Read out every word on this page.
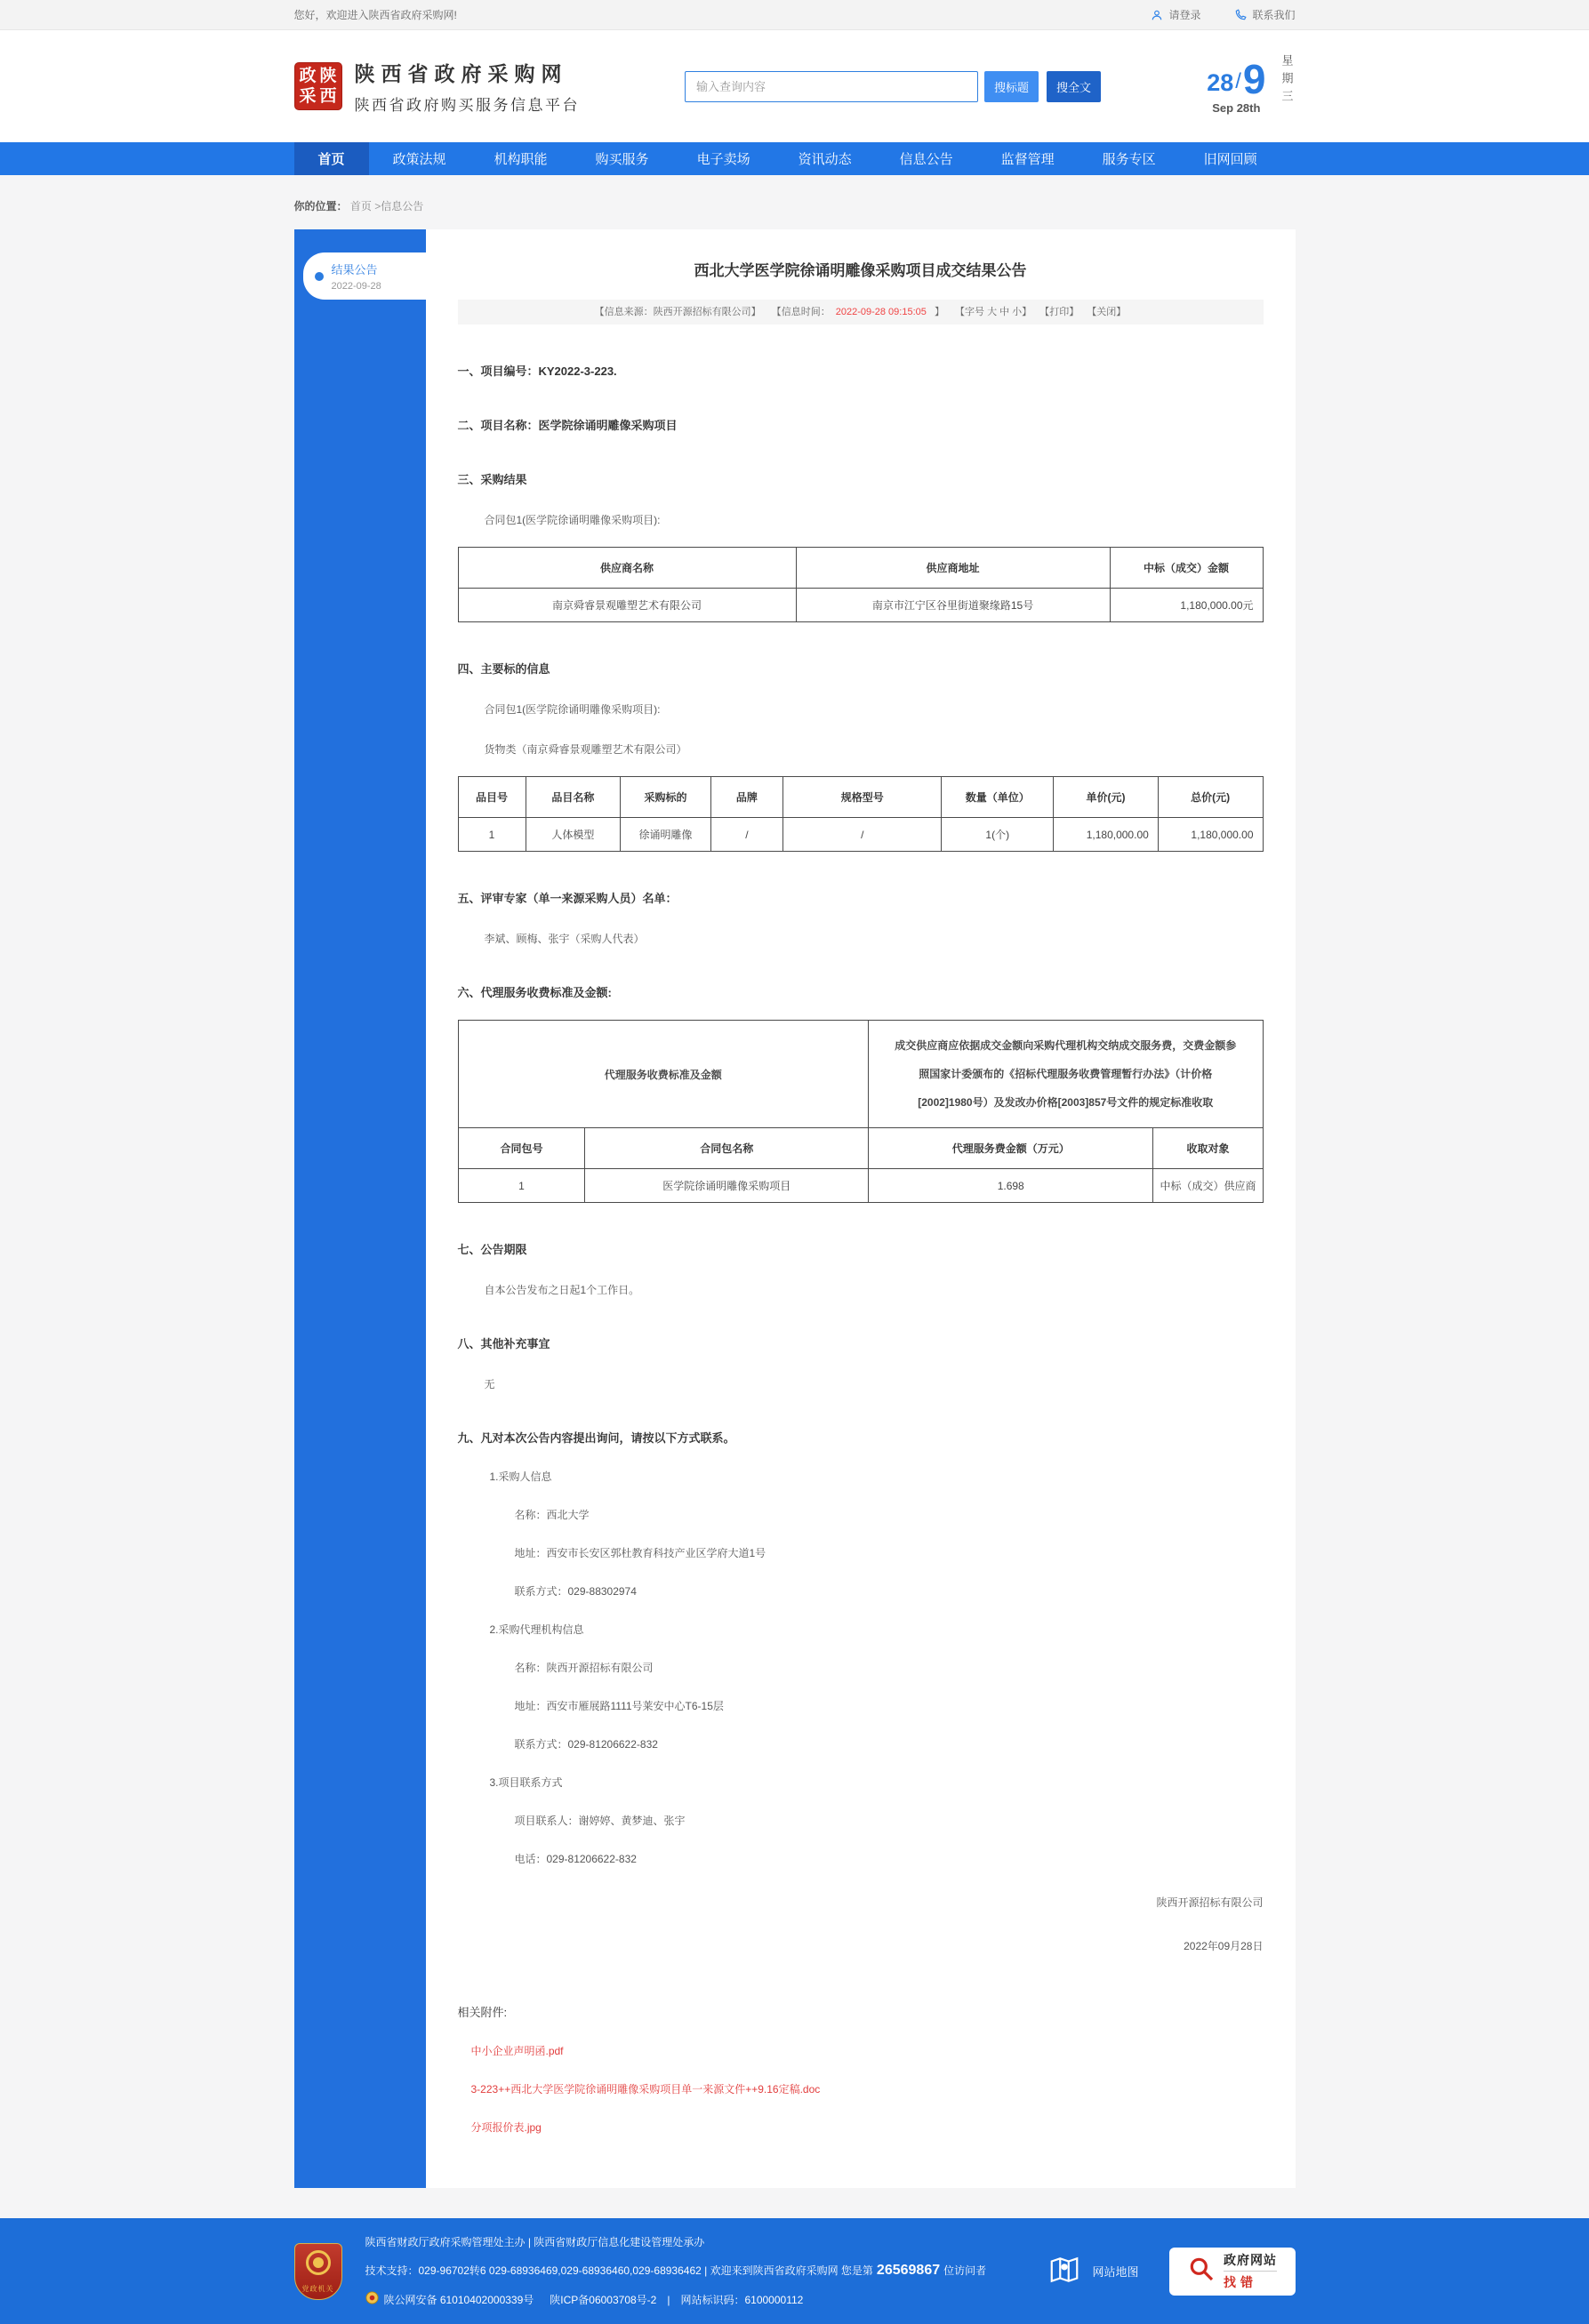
您好，欢迎进入陕西省政府采购网!	请登录	联系我们
政 陕
采 西
陕西省政府采购网
陕西省政府购买服务信息平台
输入查询内容
搜标题	搜全文	28 / 9
Sep 28th	星期三
首页	政策法规	机构职能	购买服务	电子卖场	资讯动态	信息公告	监督管理	服务专区	旧网回顾
你的位置： 首页 >信息公告
结果公告
2022-09-28
西北大学医学院徐诵明雕像采购项目成交结果公告
【信息来源：陕西开源招标有限公司】 【信息时间： 2022-09-28 09:15:05 】 【字号 大 中 小】 【打印】 【关闭】

一、项目编号：KY2022-3-223.

二、项目名称：医学院徐诵明雕像采购项目

三、采购结果

合同包1(医学院徐诵明雕像采购项目):

供应商名称	供应商地址	中标（成交）金额
南京舜睿景观雕塑艺术有限公司	南京市江宁区谷里街道聚缘路15号	1,180,000.00元

四、主要标的信息

合同包1(医学院徐诵明雕像采购项目):

货物类（南京舜睿景观雕塑艺术有限公司）

品目号	品目名称	采购标的	品牌	规格型号	数量（单位）	单价(元)	总价(元)
1	人体模型	徐诵明雕像	/	/	1(个)	1,180,000.00	1,180,000.00

五、评审专家（单一来源采购人员）名单：

李斌、顾梅、张宇（采购人代表）

六、代理服务收费标准及金额:

代理服务收费标准及金额		成交供应商应依据成交金额向采购代理机构交纳成交服务费，交费金额参照国家计委颁布的《招标代理服务收费管理暂行办法》（计价格[2002]1980号）及发改办价格[2003]857号文件的规定标准收取	
合同包号	合同包名称	代理服务费金额（万元）	收取对象
1	医学院徐诵明雕像采购项目	1.698	中标（成交）供应商

七、公告期限

自本公告发布之日起1个工作日。

八、其他补充事宜

无

九、凡对本次公告内容提出询问，请按以下方式联系。

1.采购人信息

名称：西北大学

地址：西安市长安区郭杜教育科技产业区学府大道1号

联系方式：029-88302974

2.采购代理机构信息

名称：陕西开源招标有限公司

地址：西安市雁展路1111号莱安中心T6-15层

联系方式：029-81206622-832

3.项目联系方式

项目联系人：谢婷婷、黄梦迪、张宇

电话：029-81206622-832

陕西开源招标有限公司

2022年09月28日

相关附件:

中小企业声明函.pdf
3-223++西北大学医学院徐诵明雕像采购项目单一来源文件++9.16定稿.doc
分项报价表.jpg
党政机关

陕西省财政厅政府采购管理处主办 | 陕西省财政厅信息化建设管理处承办

技术支持：029-96702转6 029-68936469,029-68936460,029-68936462 | 欢迎来到陕西省政府采购网 您是第 26569867 位访问者

陕公网安备 61010402000339号 陕ICP备06003708号-2 | 网站标识码：6100000112

网站地图
政府网站
找错
